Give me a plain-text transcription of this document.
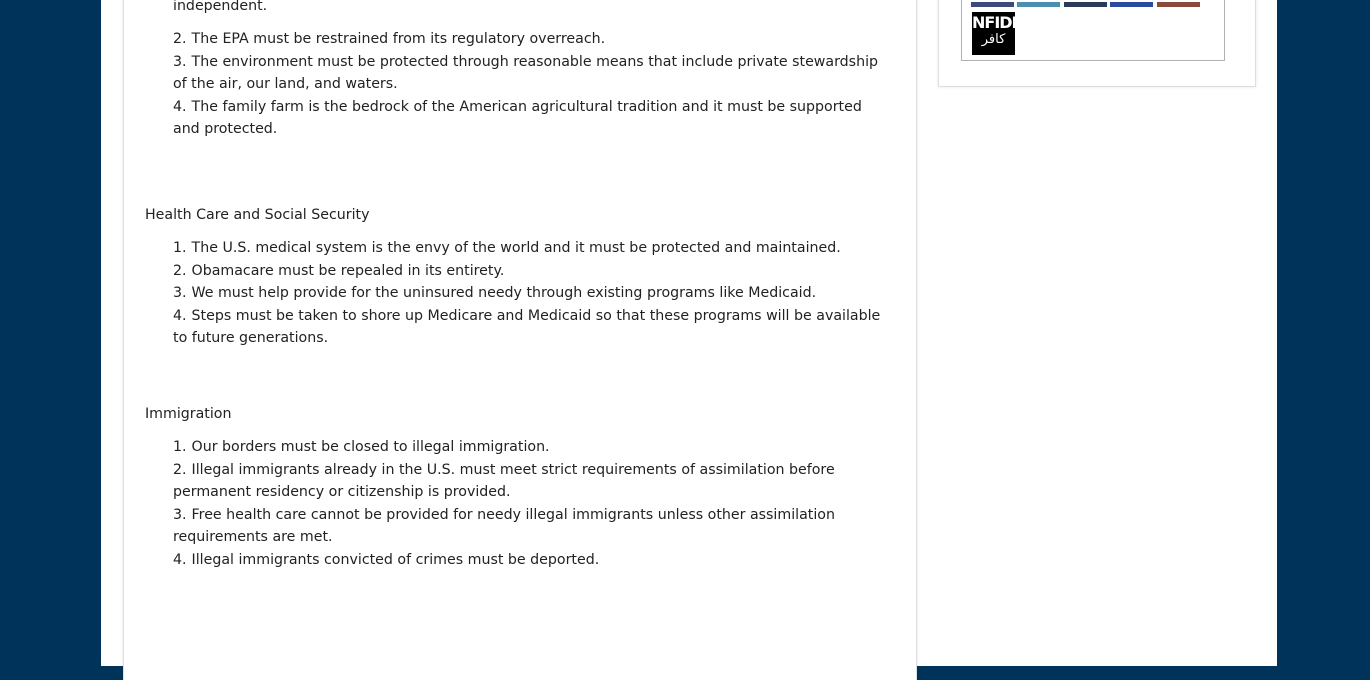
independent.
2. The EPA must be restrained from its regulatory overreach.
3. The environment must be protected through reasonable means that include private stewardship of the air, our land, and waters.
4. The family farm is the bedrock of the American agricultural tradition and it must be supported and protected.
Health Care and Social Security
1. The U.S. medical system is the envy of the world and it must be protected and maintained.
2. Obamacare must be repealed in its entirety.
3. We must help provide for the uninsured needy through existing programs like Medicaid.
4. Steps must be taken to shore up Medicare and Medicaid so that these programs will be available to future generations.
Immigration
1. Our borders must be closed to illegal immigration.
2. Illegal immigrants already in the U.S. must meet strict requirements of assimilation before permanent residency or citizenship is provided.
3. Free health care cannot be provided for needy illegal immigrants unless other assimilation requirements are met.
4. Illegal immigrants convicted of crimes must be deported.
NFIDE
كافر
